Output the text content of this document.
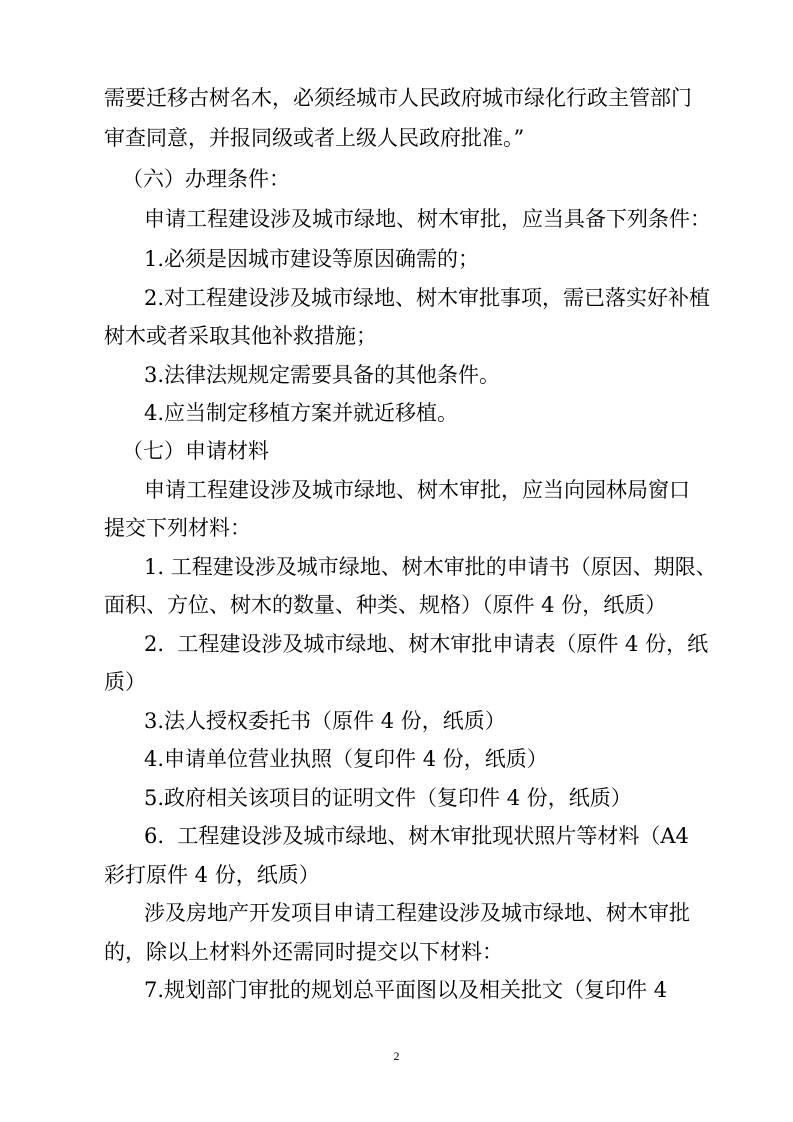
需要迁移古树名木，必须经城市人民政府城市绿化行政主管部门

审查同意，并报同级或者上级人民政府批准。”

（六）办理条件：

申请工程建设涉及城市绿地、树木审批，应当具备下列条件：

1.必须是因城市建设等原因确需的；

2.对工程建设涉及城市绿地、树木审批事项，需已落实好补植

树木或者采取其他补救措施；

3.法律法规规定需要具备的其他条件。

4.应当制定移植方案并就近移植。

（七）申请材料

申请工程建设涉及城市绿地、树木审批，应当向园林局窗口

提交下列材料：

1. 工程建设涉及城市绿地、树木审批的申请书（原因、期限、

面积、方位、树木的数量、种类、规格）（原件 4 份，纸质）

2.  工程建设涉及城市绿地、树木审批申请表（原件 4 份，纸

质）

3.法人授权委托书（原件 4 份，纸质）

4.申请单位营业执照（复印件 4 份，纸质）

5.政府相关该项目的证明文件（复印件 4 份，纸质）

6.  工程建设涉及城市绿地、树木审批现状照片等材料（A4

彩打原件 4 份，纸质）

涉及房地产开发项目申请工程建设涉及城市绿地、树木审批

的，除以上材料外还需同时提交以下材料：

7.规划部门审批的规划总平面图以及相关批文（复印件 4

2
